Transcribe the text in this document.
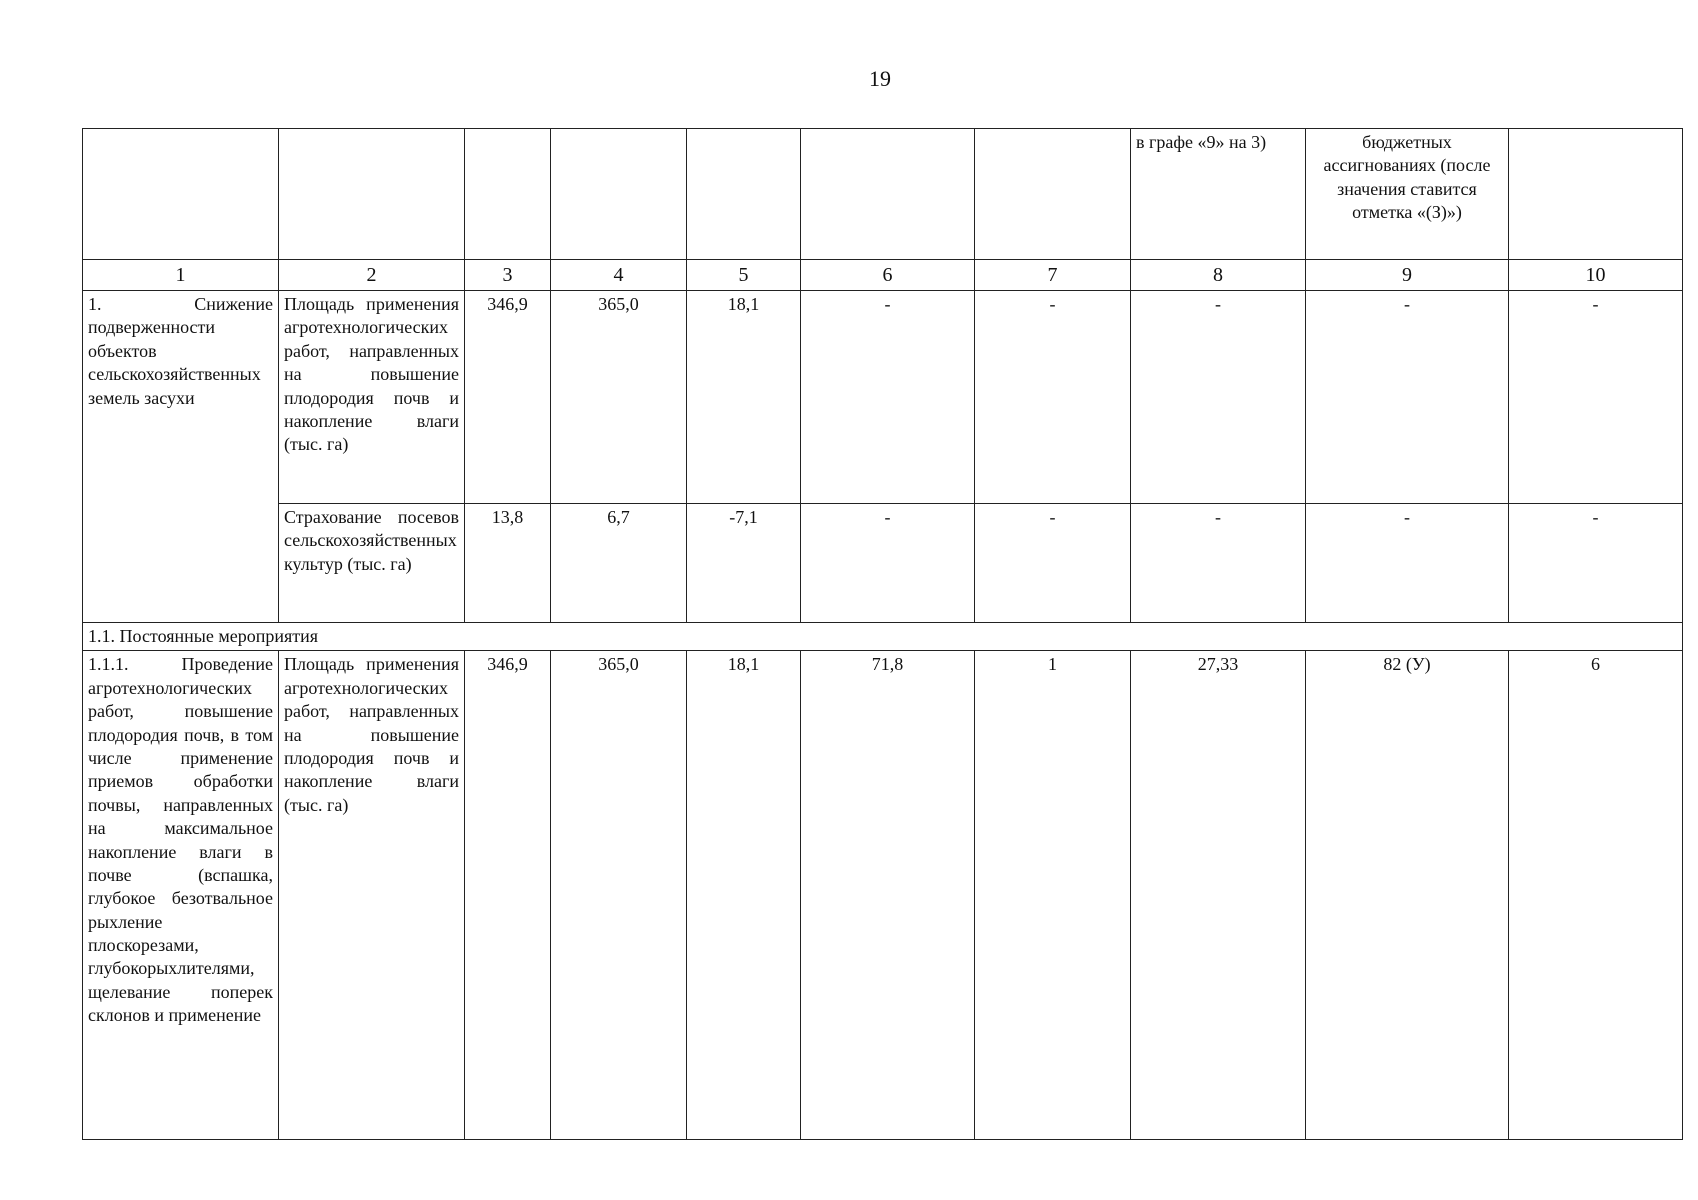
19
							в графе «9» на 3)	бюджетных ассигнованиях (после значения ставится отметка «(З)»)	
1	2	3	4	5	6	7	8	9	10
1. Снижение подверженности объектов сельскохозяйственных земель засухи	Площадь применения агротехнологических работ, направленных на повышение плодородия почв и накопление влаги (тыс. га)	346,9	365,0	18,1	-	-	-	-	-
	Страхование посевов сельскохозяйственных культур (тыс. га)	13,8	6,7	-7,1	-	-	-	-	-
1.1. Постоянные мероприятия									
1.1.1. Проведение агротехнологических работ, повышение плодородия почв, в том числе применение приемов обработки почвы, направленных на максимальное накопление влаги в почве (вспашка, глубокое безотвальное рыхление плоскорезами, глубокорыхлителями, щелевание поперек склонов и применение	Площадь применения агротехнологических работ, направленных на повышение плодородия почв и накопление влаги (тыс. га)	346,9	365,0	18,1	71,8	1	27,33	82 (У)	6
